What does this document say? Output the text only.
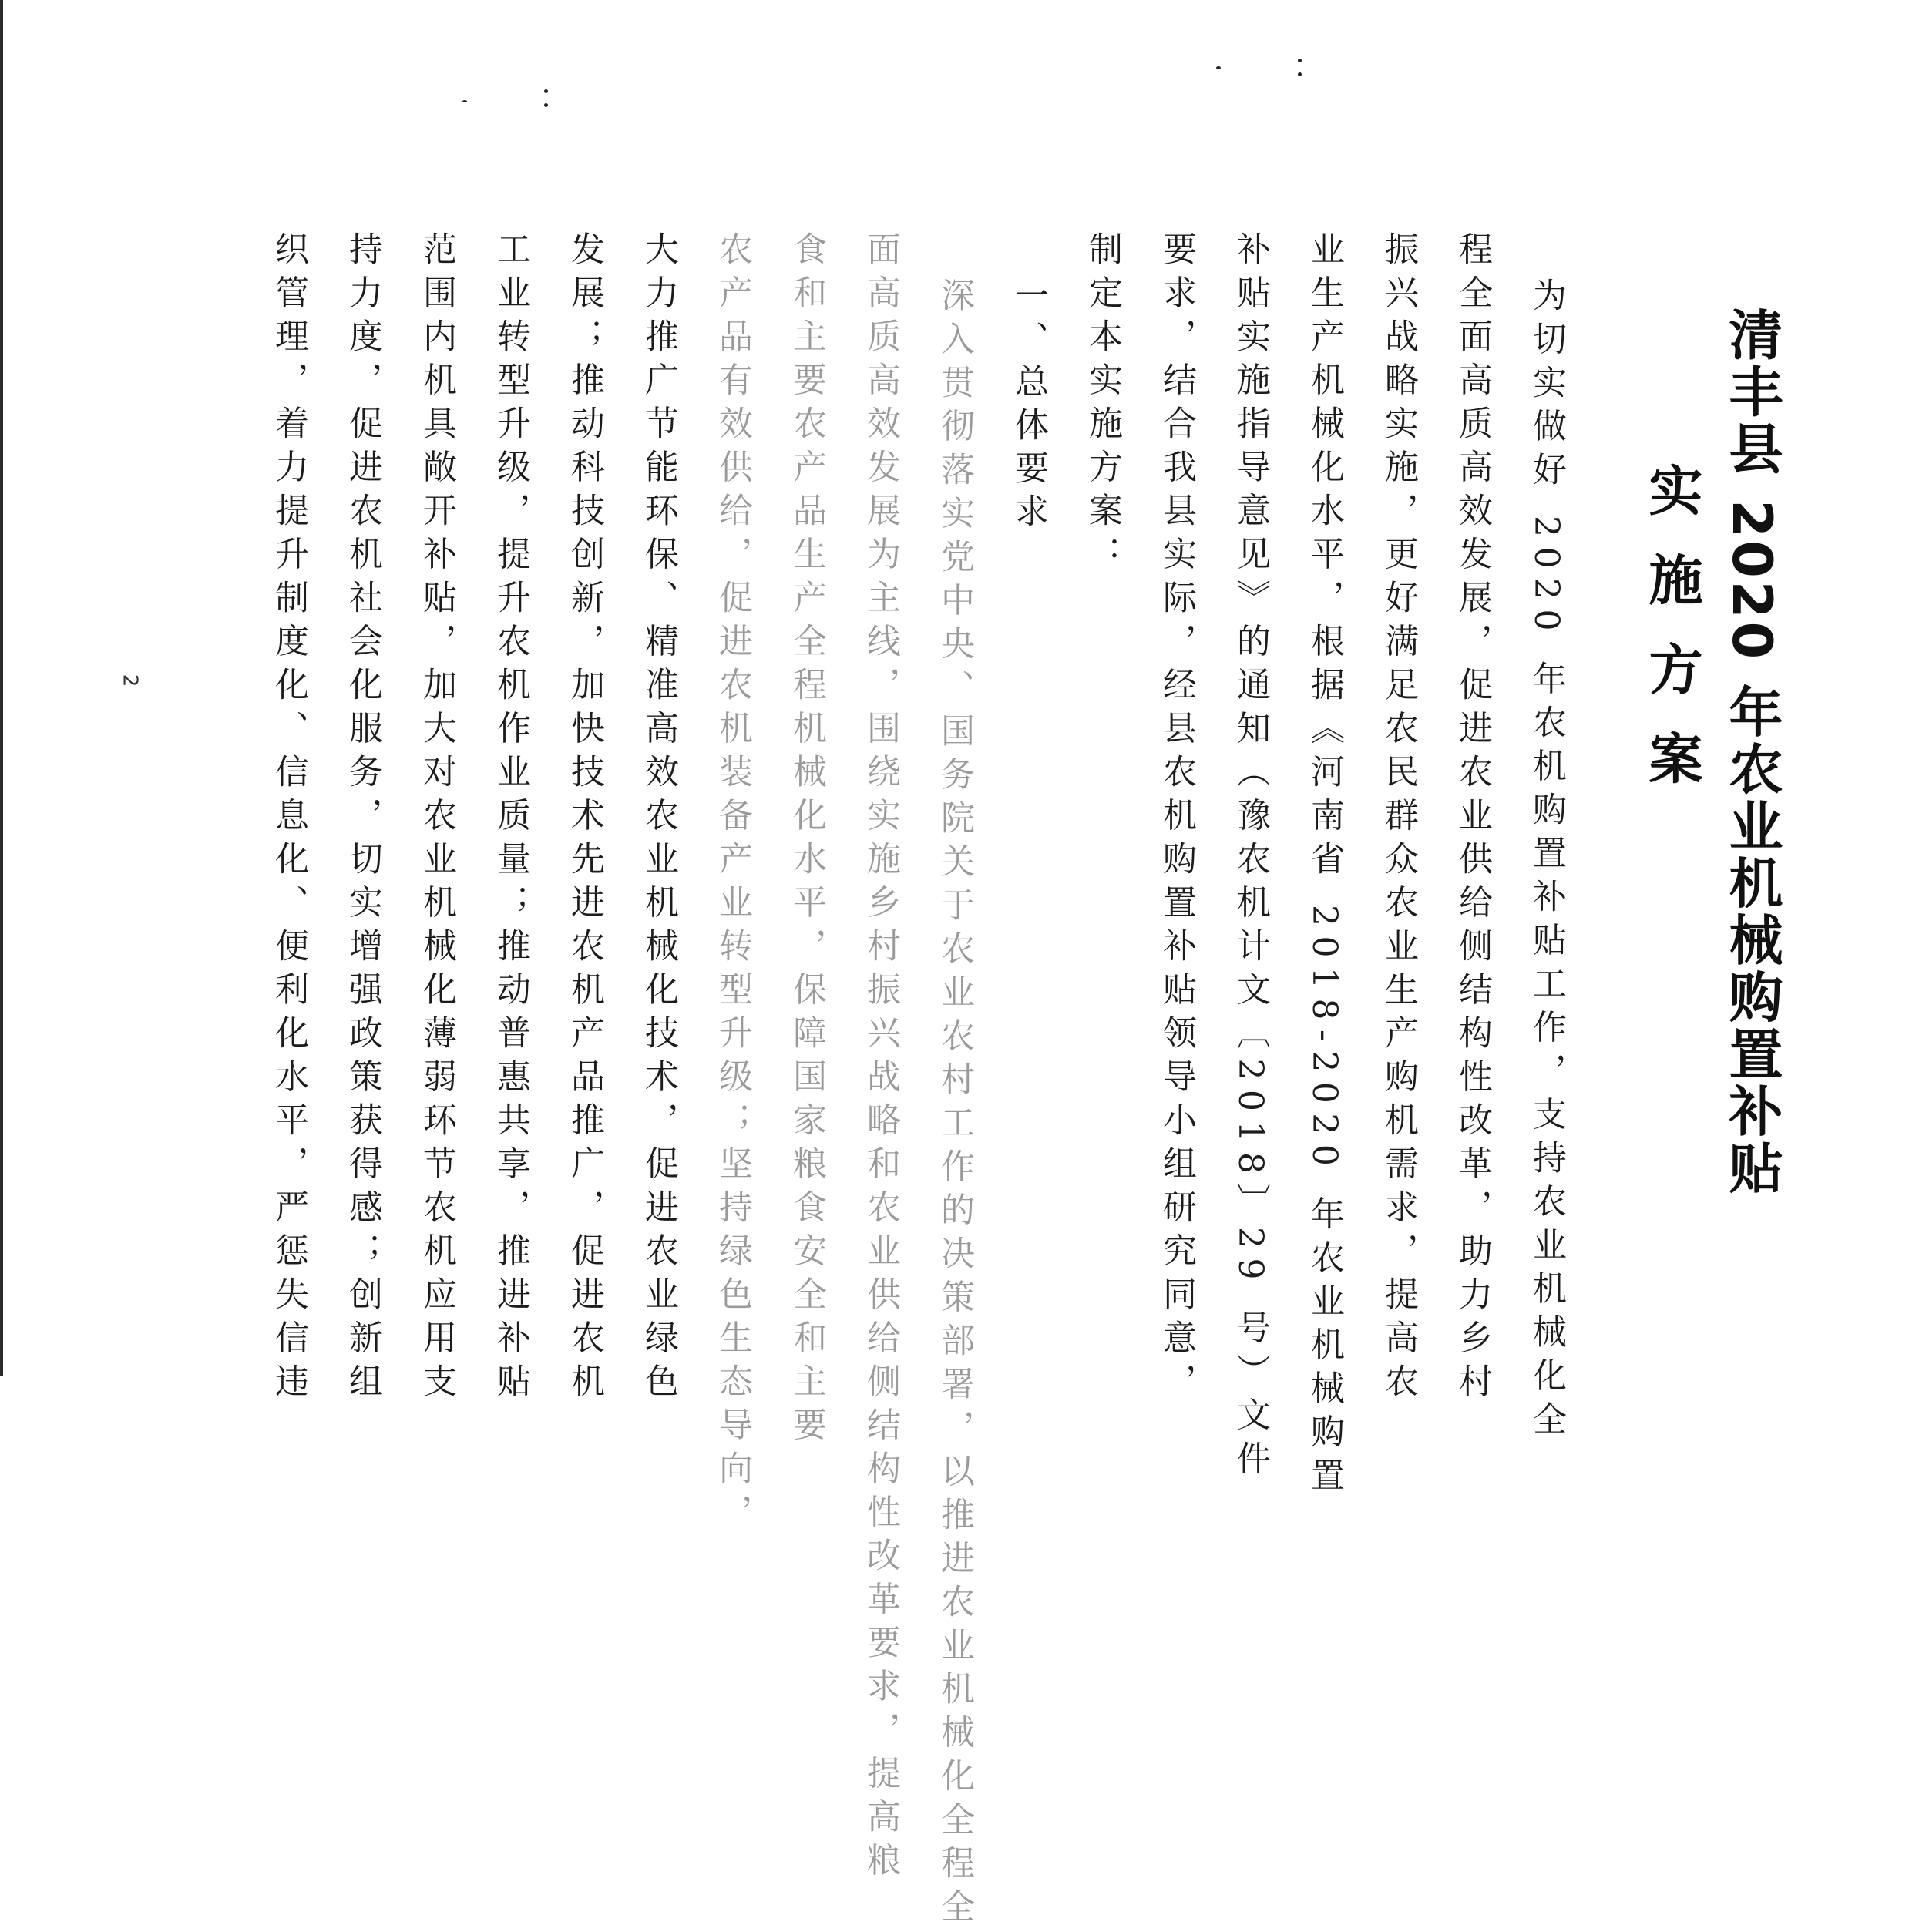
清丰县 2020 年农业机械购置补贴
实施方案
为切实做好 2020 年农机购置补贴工作，支持农业机械化全
程全面高质高效发展，促进农业供给侧结构性改革，助力乡村
振兴战略实施，更好满足农民群众农业生产购机需求，提高农
业生产机械化水平，根据《河南省 2018-2020 年农业机械购置
补贴实施指导意见》的通知（豫农机计文〔2018〕29 号）文件
要求，结合我县实际，经县农机购置补贴领导小组研究同意，
制定本实施方案：
一、总体要求
深入贯彻落实党中央、国务院关于农业农村工作的决策部署，以推进农业机械化全程全
面高质高效发展为主线，围绕实施乡村振兴战略和农业供给侧结构性改革要求，提高粮
食和主要农产品生产全程机械化水平，保障国家粮食安全和主要
农产品有效供给，促进农机装备产业转型升级；坚持绿色生态导向，
大力推广节能环保、精准高效农业机械化技术，促进农业绿色
发展；推动科技创新，加快技术先进农机产品推广，促进农机
工业转型升级，提升农机作业质量；推动普惠共享，推进补贴
范围内机具敞开补贴，加大对农业机械化薄弱环节农机应用支
持力度，促进农机社会化服务，切实增强政策获得感；创新组
织管理，着力提升制度化、信息化、便利化水平，严惩失信违
2
